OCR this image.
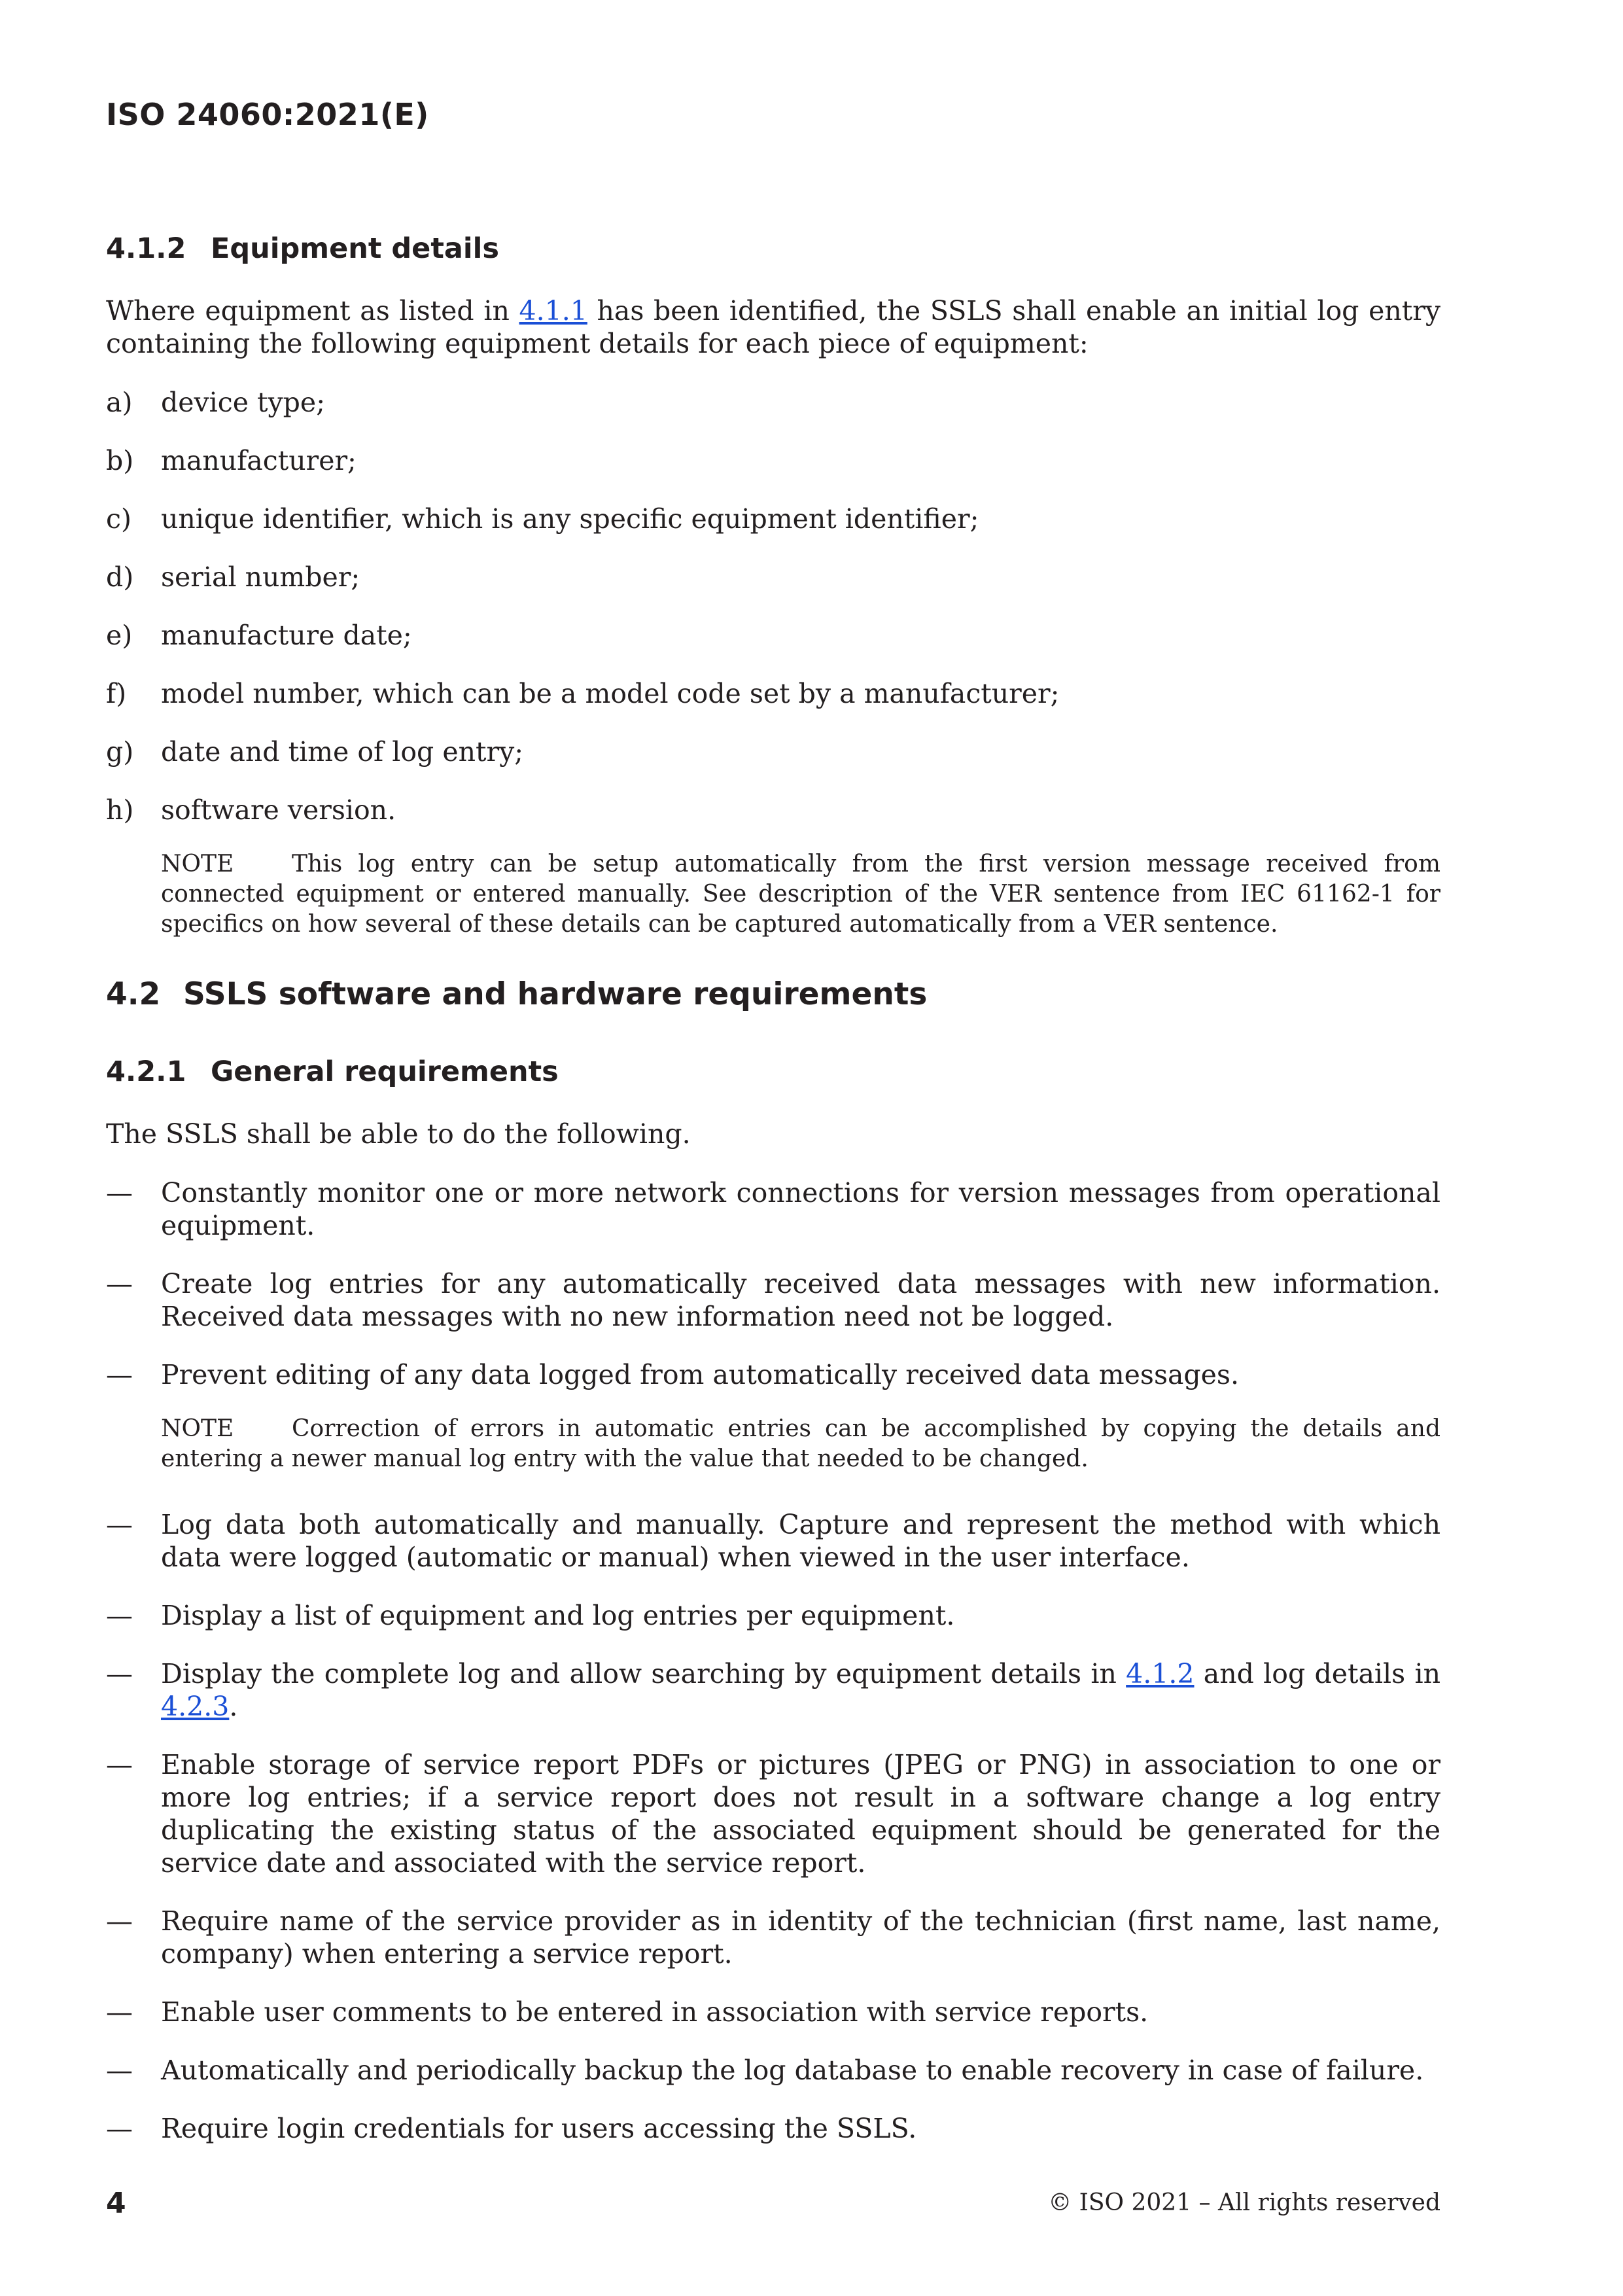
ISO 24060:2021(E)
4.1.2 Equipment details

Where equipment as listed in 4.1.1 has been identified, the SSLS shall enable an initial log entry containing the following equipment details for each piece of equipment:

a) device type;
b) manufacturer;
c) unique identifier, which is any specific equipment identifier;
d) serial number;
e) manufacture date;
f) model number, which can be a model code set by a manufacturer;
g) date and time of log entry;
h) software version.
NOTE This log entry can be setup automatically from the first version message received from connected equipment or entered manually. See description of the VER sentence from IEC 61162-1 for specifics on how several of these details can be captured automatically from a VER sentence.
4.2 SSLS software and hardware requirements
4.2.1 General requirements

The SSLS shall be able to do the following.

— Constantly monitor one or more network connections for version messages from operational equipment.
— Create log entries for any automatically received data messages with new information. Received data messages with no new information need not be logged.
— Prevent editing of any data logged from automatically received data messages.
NOTE Correction of errors in automatic entries can be accomplished by copying the details and entering a newer manual log entry with the value that needed to be changed.
— Log data both automatically and manually. Capture and represent the method with which data were logged (automatic or manual) when viewed in the user interface.
— Display a list of equipment and log entries per equipment.
— Display the complete log and allow searching by equipment details in 4.1.2 and log details in 4.2.3.
— Enable storage of service report PDFs or pictures (JPEG or PNG) in association to one or more log entries; if a service report does not result in a software change a log entry duplicating the existing status of the associated equipment should be generated for the service date and associated with the service report.
— Require name of the service provider as in identity of the technician (first name, last name, company) when entering a service report.
— Enable user comments to be entered in association with service reports.
— Automatically and periodically backup the log database to enable recovery in case of failure.
— Require login credentials for users accessing the SSLS.
4	© ISO 2021 – All rights reserved
